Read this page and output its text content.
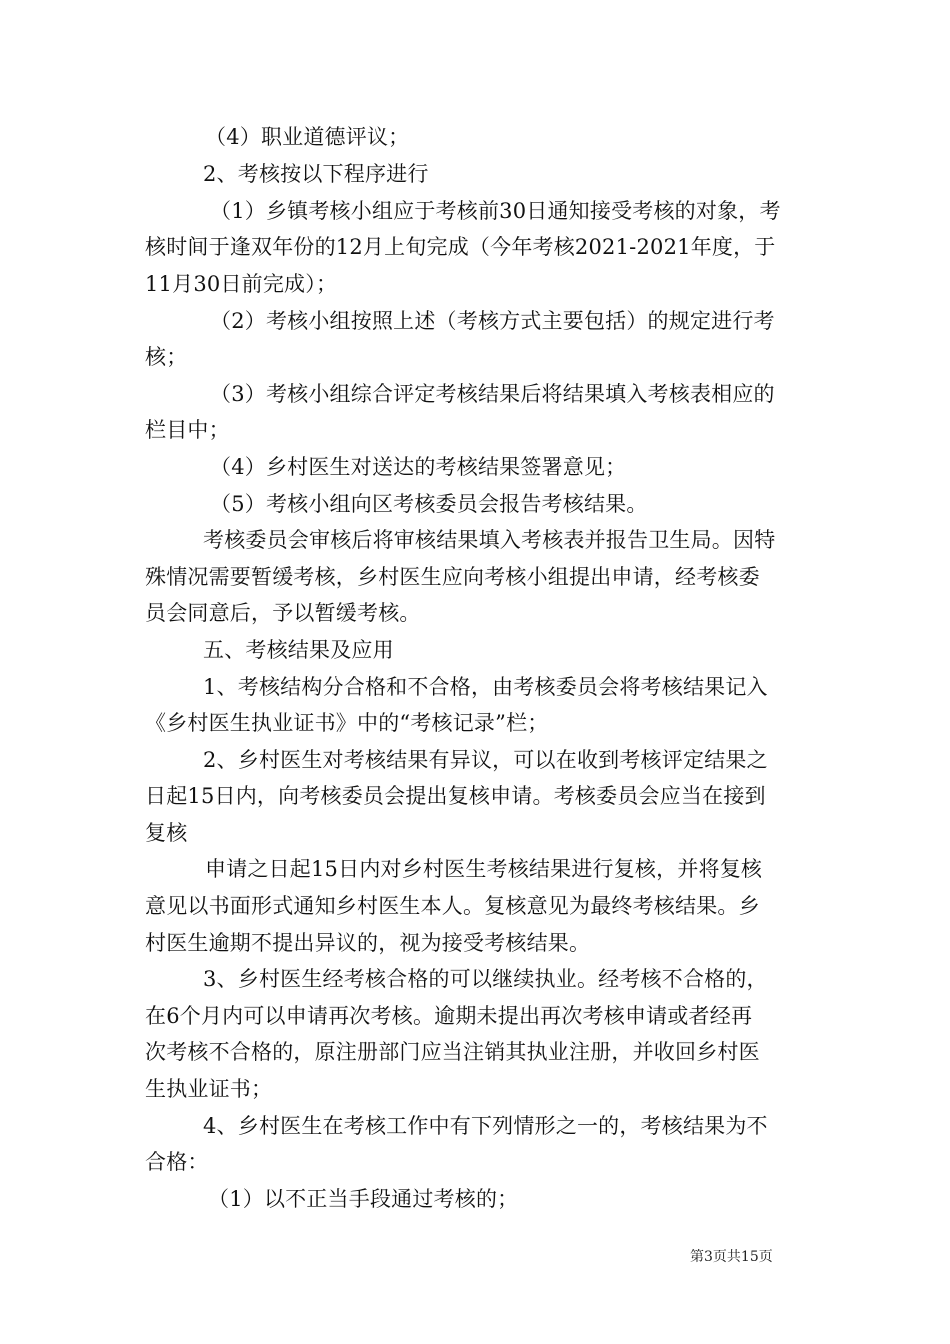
（4）职业道德评议；
2、考核按以下程序进行
（1）乡镇考核小组应于考核前30日通知接受考核的对象，考
核时间于逢双年份的12月上旬完成（今年考核2021-2021年度，于
11月30日前完成）；
（2）考核小组按照上述（考核方式主要包括）的规定进行考
核；
（3）考核小组综合评定考核结果后将结果填入考核表相应的
栏目中；
（4）乡村医生对送达的考核结果签署意见；
（5）考核小组向区考核委员会报告考核结果。
考核委员会审核后将审核结果填入考核表并报告卫生局。因特
殊情况需要暂缓考核，乡村医生应向考核小组提出申请，经考核委
员会同意后，予以暂缓考核。
五、考核结果及应用
1、考核结构分合格和不合格，由考核委员会将考核结果记入
《乡村医生执业证书》中的“考核记录”栏；
2、乡村医生对考核结果有异议，可以在收到考核评定结果之
日起15日内，向考核委员会提出复核申请。考核委员会应当在接到
复核
申请之日起15日内对乡村医生考核结果进行复核，并将复核
意见以书面形式通知乡村医生本人。复核意见为最终考核结果。乡
村医生逾期不提出异议的，视为接受考核结果。
3、乡村医生经考核合格的可以继续执业。经考核不合格的，
在6个月内可以申请再次考核。逾期未提出再次考核申请或者经再
次考核不合格的，原注册部门应当注销其执业注册，并收回乡村医
生执业证书；
4、乡村医生在考核工作中有下列情形之一的，考核结果为不
合格：
（1）以不正当手段通过考核的；
第3页共15页
